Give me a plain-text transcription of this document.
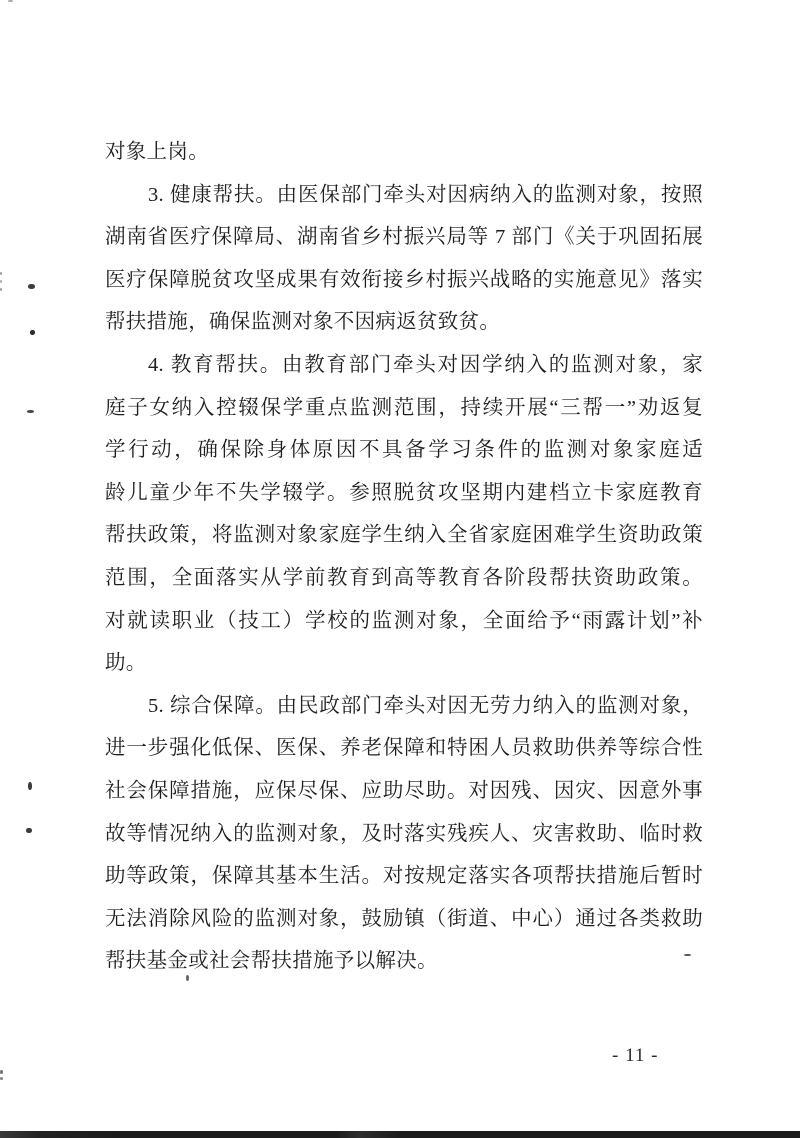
对象上岗。
3. 健康帮扶。由医保部门牵头对因病纳入的监测对象，按照
湖南省医疗保障局、湖南省乡村振兴局等 7 部门《关于巩固拓展
医疗保障脱贫攻坚成果有效衔接乡村振兴战略的实施意见》落实
帮扶措施，确保监测对象不因病返贫致贫。
4. 教育帮扶。由教育部门牵头对因学纳入的监测对象，家
庭子女纳入控辍保学重点监测范围，持续开展“三帮一”劝返复
学行动，确保除身体原因不具备学习条件的监测对象家庭适
龄儿童少年不失学辍学。参照脱贫攻坚期内建档立卡家庭教育
帮扶政策，将监测对象家庭学生纳入全省家庭困难学生资助政策
范围，全面落实从学前教育到高等教育各阶段帮扶资助政策。
对就读职业（技工）学校的监测对象，全面给予“雨露计划”补
助。
5. 综合保障。由民政部门牵头对因无劳力纳入的监测对象，
进一步强化低保、医保、养老保障和特困人员救助供养等综合性
社会保障措施，应保尽保、应助尽助。对因残、因灾、因意外事
故等情况纳入的监测对象，及时落实残疾人、灾害救助、临时救
助等政策，保障其基本生活。对按规定落实各项帮扶措施后暂时
无法消除风险的监测对象，鼓励镇（街道、中心）通过各类救助
帮扶基金或社会帮扶措施予以解决。
- 11 -
